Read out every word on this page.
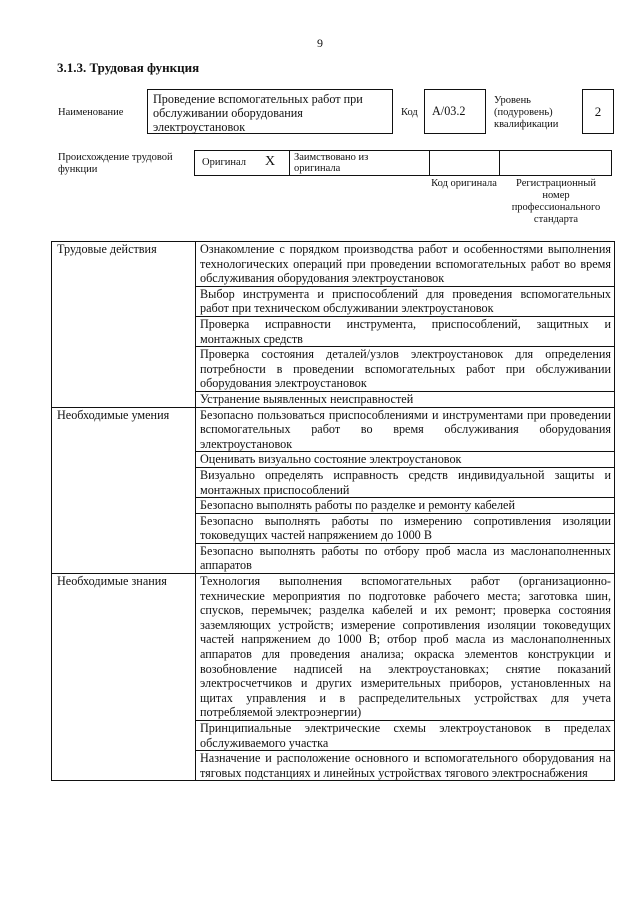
9
3.1.3. Трудовая функция
Наименование
Проведение вспомогательных работ при обслуживании оборудования электроустановок
Код А/03.2
Уровень (подуровень) квалификации
2
Происхождение трудовой функции
Оригинал X Заимствовано из оригинала
Код оригинала	Регистрационный номер профессионального стандарта
Трудовые действия	Ознакомление с порядком производства работ и особенностями выполнения технологических операций при проведении вспомогательных работ во время обслуживания оборудования электроустановок
	Выбор инструмента и приспособлений для проведения вспомогательных работ при техническом обслуживании электроустановок
	Проверка исправности инструмента, приспособлений, защитных и монтажных средств
	Проверка состояния деталей/узлов электроустановок для определения потребности в проведении вспомогательных работ при обслуживании оборудования электроустановок
	Устранение выявленных неисправностей
Необходимые умения	Безопасно пользоваться приспособлениями и инструментами при проведении вспомогательных работ во время обслуживания оборудования электроустановок
	Оценивать визуально состояние электроустановок
	Визуально определять исправность средств индивидуальной защиты и монтажных приспособлений
	Безопасно выполнять работы по разделке и ремонту кабелей
	Безопасно выполнять работы по измерению сопротивления изоляции токоведущих частей напряжением до 1000 В
	Безопасно выполнять работы по отбору проб масла из маслонаполненных аппаратов
Необходимые знания	Технология выполнения вспомогательных работ (организационно-технические мероприятия по подготовке рабочего места; заготовка шин, спусков, перемычек; разделка кабелей и их ремонт; проверка состояния заземляющих устройств; измерение сопротивления изоляции токоведущих частей напряжением до 1000 В; отбор проб масла из маслонаполненных аппаратов для проведения анализа; окраска элементов конструкции и возобновление надписей на электроустановках; снятие показаний электросчетчиков и других измерительных приборов, установленных на щитах управления и в распределительных устройствах для учета потребляемой электроэнергии)
	Принципиальные электрические схемы электроустановок в пределах обслуживаемого участка
	Назначение и расположение основного и вспомогательного оборудования на тяговых подстанциях и линейных устройствах тягового электроснабжения
